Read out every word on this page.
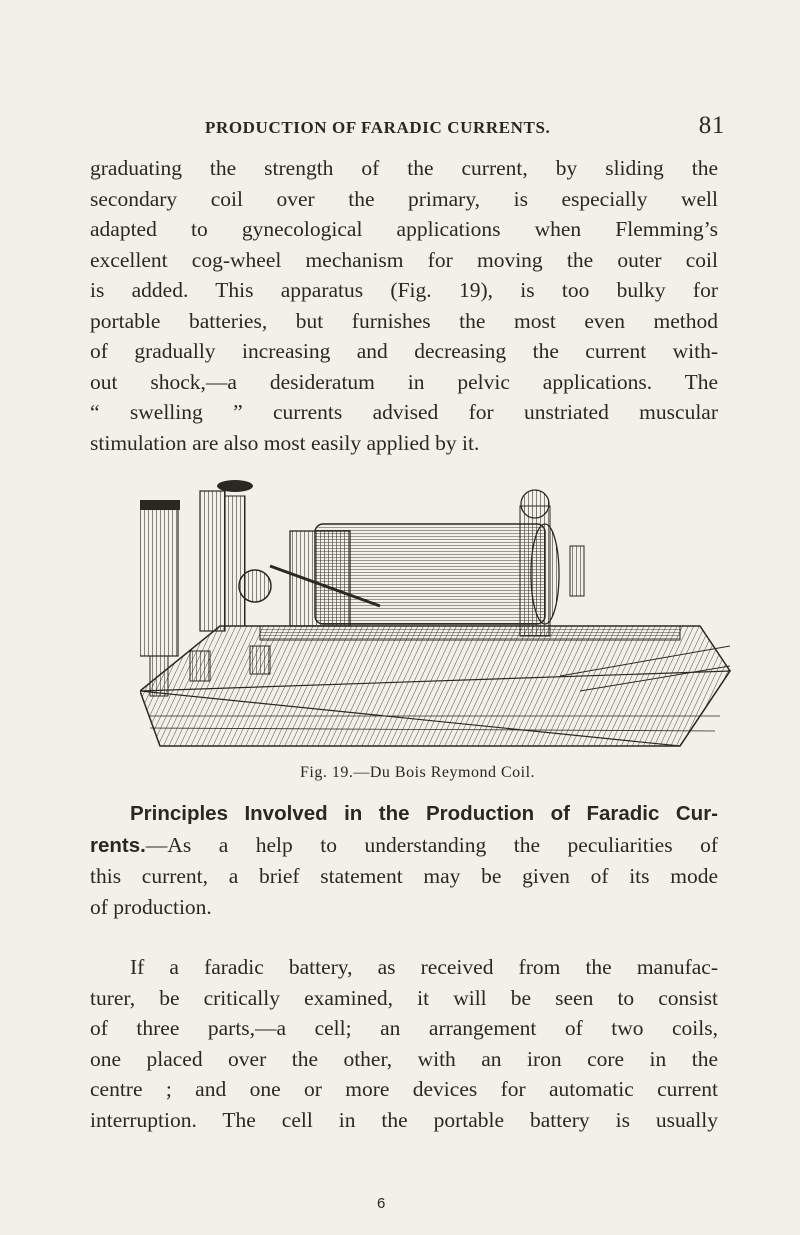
PRODUCTION OF FARADIC CURRENTS.	81
graduating the strength of the current, by sliding the
secondary coil over the primary, is especially well
adapted to gynecological applications when Flemming’s
excellent cog-wheel mechanism for moving the outer coil
is added. This apparatus (Fig. 19), is too bulky for
portable batteries, but furnishes the most even method
of gradually increasing and decreasing the current with-
out shock,—a desideratum in pelvic applications. The
“ swelling ” currents advised for unstriated muscular
stimulation are also most easily applied by it.
Fig. 19.—Du Bois Reymond Coil.
Principles Involved in the Production of Faradic Cur-
rents.—As a help to understanding the peculiarities of
this current, a brief statement may be given of its mode
of production.
If a faradic battery, as received from the manufac-
turer, be critically examined, it will be seen to consist
of three parts,—a cell; an arrangement of two coils,
one placed over the other, with an iron core in the
centre ; and one or more devices for automatic current
interruption. The cell in the portable battery is usually
6
